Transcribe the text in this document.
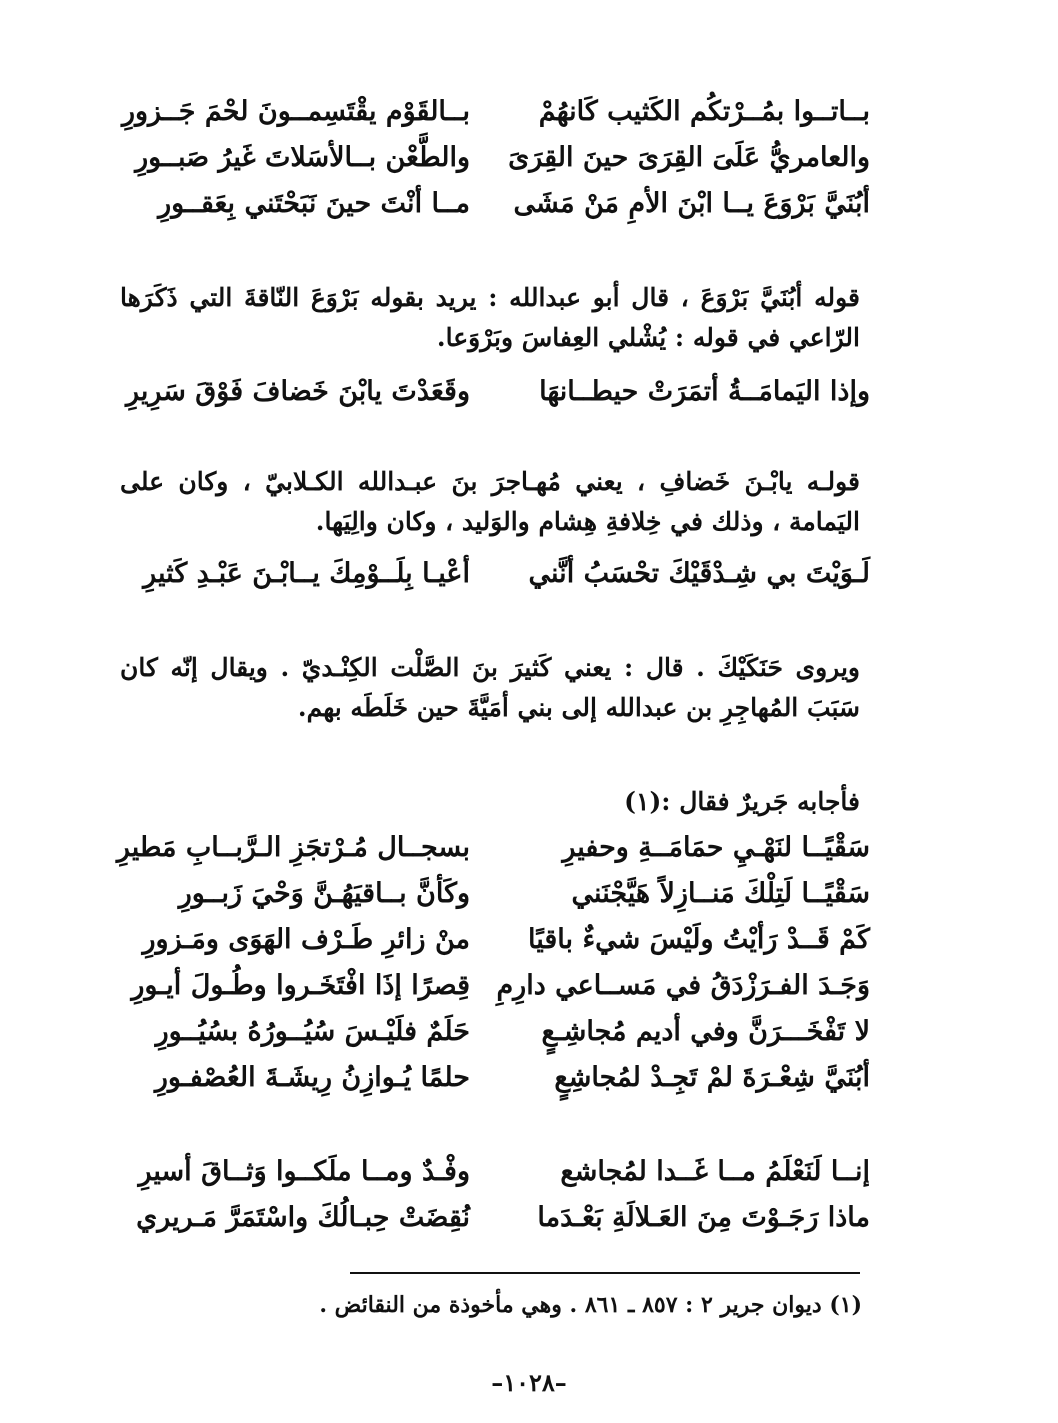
بــاتــوا بمُــرْتكُم الكَثيب كَانهُمْ
بــالقَوْم يقْتَسِمــونَ لحْمَ جَــزورِ
والعامريُّ عَلَىَ القِرَىَ حينَ القِرَىَ
والطَّعْن بــالأسَلاتَ غَيرُ صَبــورِ
أبُنَيَّ بَرْوَعَ يــا ابْنَ الأمِ مَنْ مَشَى
مــا أنْتَ حينَ نَبَحْتَني بِعَقــورِ
قوله أبُنَيَّ بَرْوَعَ ، قال أبو عبدالله : يريد بقوله بَرْوَعَ النّاقةَ التي ذَكَرَها الرّاعي في قوله : يُشْلي العِفاسَ وبَرْوَعا.
وإذا اليَمامَــةُ أتمَرَتْ حيطــانهَا
وقَعَدْتَ يابْنَ خَضافَ فَوْقَ سَرِيرِ
قولـه يابْـنَ خَضافِ ، يعني مُهـاجرَ بنَ عبـدالله الكـلابيّ ، وكان على اليَمامة ، وذلك في خِلافةِ هِشام والوَليد ، وكان والِيَها.
لَـوَيْتَ بي شِـدْقَيْكَ تحْسَبُ أنَّني
أعْيـا بِلَــوْمِكَ يــابْـنَ عَبْـدِ كَثيرِ
ويروى حَنَكَيْكَ . قال : يعني كَثيرَ بنَ الصَّلْت الكِنْـديّ . ويقال إنّه كان سَبَبَ المُهاجِرِ بن عبدالله إلى بني أمَيَّةَ حين خَلَطَه بهم.
فأجابه جَريرٌ فقال :(١)
سَقْيًــا لنَهْـيِ حمَامَــةِ وحفيرِ
بسجــال مُـرْتجَزِ الـرَّبــابِ مَطيرِ
سَقْيًــا لَتِلْكَ مَنــازِلاً هَيَّجْنَني
وكَأنَّ بــاقيَهُـنَّ وَحْيَ زَبــورِ
كَمْ قَــدْ رَأيْتُ ولَيْسَ شيءٌ باقيًا
منْ زائرِ طَـرْف الهَوَى ومَـزورِ
وَجَـدَ الفـرَزْدَقُ في مَســاعي دارِمِ
قِصرًا إذَا افْتَخَـروا وطُـولَ أيـورِ
لا تَفْخَـــرَنَّ وفي أديم مُجاشِـعٍ
حَلَمٌ فلَيْـسَ سُيُــورُهُ بسُيُــورِ
أبُنَيَّ شِعْـرَةَ لمْ تَجِـدْ لمُجاشِعٍ
حلمًا يُـوازِنُ رِيشَـةَ العُصْفـورِ
إنــا لَنَعْلَمُ مــا غَــدا لمُجاشع
وفْـدٌ ومــا ملَكــوا وَثــاقَ أسيرِ
ماذا رَجَـوْتَ مِنَ العَـلالَةِ بَعْـدَما
نُقِضَتْ حِبـالُكَ واسْتَمَرَّ مَـريري
(١) ديوان جرير ٢ : ٨٥٧ ـ ٨٦١ . وهي مأخوذة من النقائض .
–١٠٢٨–
